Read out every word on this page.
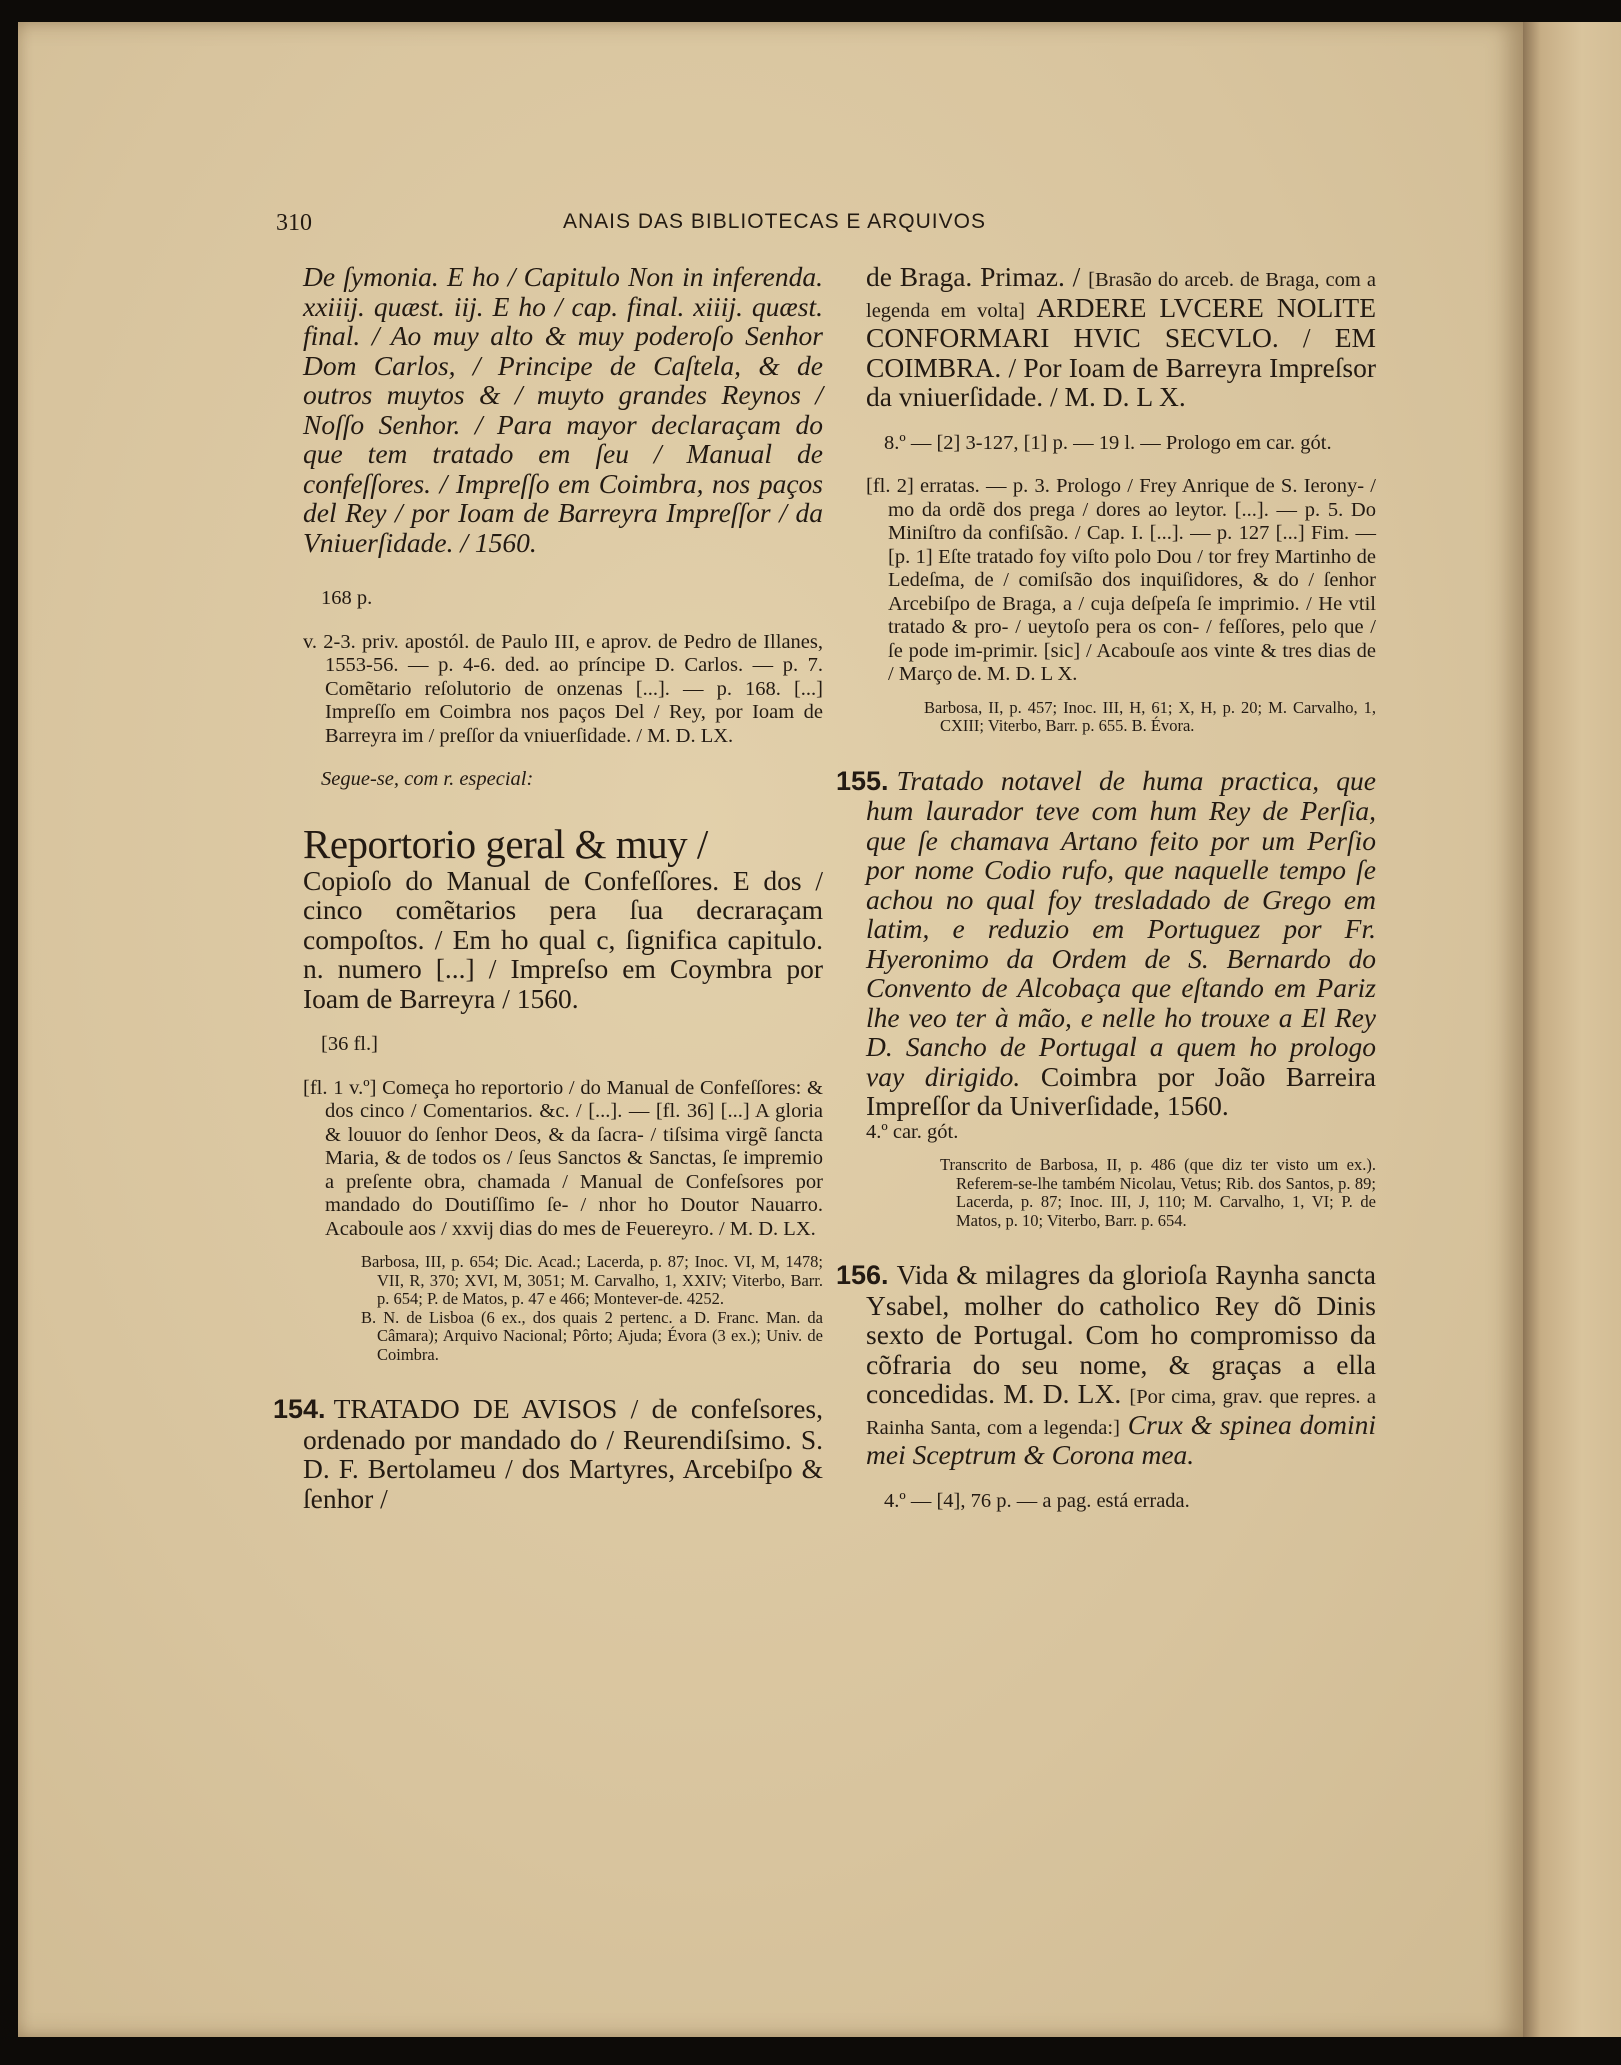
310	ANAIS DAS BIBLIOTECAS E ARQUIVOS

De ſymonia. E ho / Capitulo Non in inferenda. xxiiij. quæst. iij. E ho / cap. final. xiiij. quæst. final. / Ao muy alto & muy poderoſo Senhor Dom Carlos, / Principe de Caſtela, & de outros muytos & / muyto grandes Reynos / Noſſo Senhor. / Para mayor declaraçam do que tem tratado em ſeu / Manual de confeſſores. / Impreſſo em Coimbra, nos paços del Rey / por Ioam de Barreyra Impreſſor / da Vniuerſidade. / 1560.

168 p.

v. 2-3. priv. apostól. de Paulo III, e aprov. de Pedro de Illanes, 1553-56. — p. 4-6. ded. ao príncipe D. Carlos. — p. 7. Comẽtario reſolutorio de onzenas [...]. — p. 168. [...] Impreſſo em Coimbra nos paços Del / Rey, por Ioam de Barreyra im / preſſor da vniuerſidade. / M. D. LX.

Segue-se, com r. especial:

Reportorio geral & muy /

Copioſo do Manual de Confeſſores. E dos / cinco comẽtarios pera ſua decraraçam compoſtos. / Em ho qual c, ſignifica capitulo. n. numero [...] / Impreſso em Coymbra por Ioam de Barreyra / 1560.

[36 fl.]

[fl. 1 v.º] Começa ho reportorio / do Manual de Confeſſores: & dos cinco / Comentarios. &c. / [...]. — [fl. 36] [...] A gloria & louuor do ſenhor Deos, & da ſacra- / tiſsima virgẽ ſancta Maria, & de todos os / ſeus Sanctos & Sanctas, ſe impremio a preſente obra, chamada / Manual de Confeſsores por mandado do Doutiſſimo ſe- / nhor ho Doutor Nauarro. Acaboule aos / xxvij dias do mes de Feuereyro. / M. D. LX.

Barbosa, III, p. 654; Dic. Acad.; Lacerda, p. 87; Inoc. VI, M, 1478; VII, R, 370; XVI, M, 3051; M. Carvalho, 1, XXIV; Viterbo, Barr. p. 654; P. de Matos, p. 47 e 466; Montever-de. 4252.

B. N. de Lisboa (6 ex., dos quais 2 pertenc. a D. Franc. Man. da Câmara); Arquivo Nacional; Pôrto; Ajuda; Évora (3 ex.); Univ. de Coimbra.

154. TRATADO DE AVISOS / de confeſsores, ordenado por mandado do / Reurendiſsimo. S. D. F. Bertolameu / dos Martyres, Arcebiſpo & ſenhor /

de Braga. Primaz. / [Brasão do arceb. de Braga, com a legenda em volta] ARDERE LVCERE NOLITE CONFORMARI HVIC SECVLO. / EM COIMBRA. / Por Ioam de Barreyra Impreſsor da vniuerſidade. / M. D. L X.

8.º — [2] 3-127, [1] p. — 19 l. — Prologo em car. gót.

[fl. 2] erratas. — p. 3. Prologo / Frey Anrique de S. Ierony- / mo da ordẽ dos prega / dores ao leytor. [...]. — p. 5. Do Miniſtro da confiſsão. / Cap. I. [...]. — p. 127 [...] Fim. — [p. 1] Eſte tratado foy viſto polo Dou / tor frey Martinho de Ledeſma, de / comiſsão dos inquiſidores, & do / ſenhor Arcebiſpo de Braga, a / cuja deſpeſa ſe imprimio. / He vtil tratado & pro- / ueytoſo pera os con- / feſſores, pelo que / ſe pode im-primir. [sic] / Acabouſe aos vinte & tres dias de / Março de. M. D. L X.

Barbosa, II, p. 457; Inoc. III, H, 61; X, H, p. 20; M. Carvalho, 1, CXIII; Viterbo, Barr. p. 655. B. Évora.

155. Tratado notavel de huma practica, que hum laurador teve com hum Rey de Perſia, que ſe chamava Artano feito por um Perſio por nome Codio rufo, que naquelle tempo ſe achou no qual foy tresladado de Grego em latim, e reduzio em Portuguez por Fr. Hyeronimo da Ordem de S. Bernardo do Convento de Alcobaça que eſtando em Pariz lhe veo ter à mão, e nelle ho trouxe a El Rey D. Sancho de Portugal a quem ho prologo vay dirigido. Coimbra por João Barreira Impreſſor da Univerſidade, 1560.

4.º car. gót.

Transcrito de Barbosa, II, p. 486 (que diz ter visto um ex.). Referem-se-lhe também Nicolau, Vetus; Rib. dos Santos, p. 89; Lacerda, p. 87; Inoc. III, J, 110; M. Carvalho, 1, VI; P. de Matos, p. 10; Viterbo, Barr. p. 654.

156. Vida & milagres da glorioſa Raynha sancta Ysabel, molher do catholico Rey dõ Dinis sexto de Portugal. Com ho compromisso da cõfraria do seu nome, & graças a ella concedidas. M. D. LX. [Por cima, grav. que repres. a Rainha Santa, com a legenda:] Crux & spinea domini mei Sceptrum & Corona mea.

4.º — [4], 76 p. — a pag. está errada.
